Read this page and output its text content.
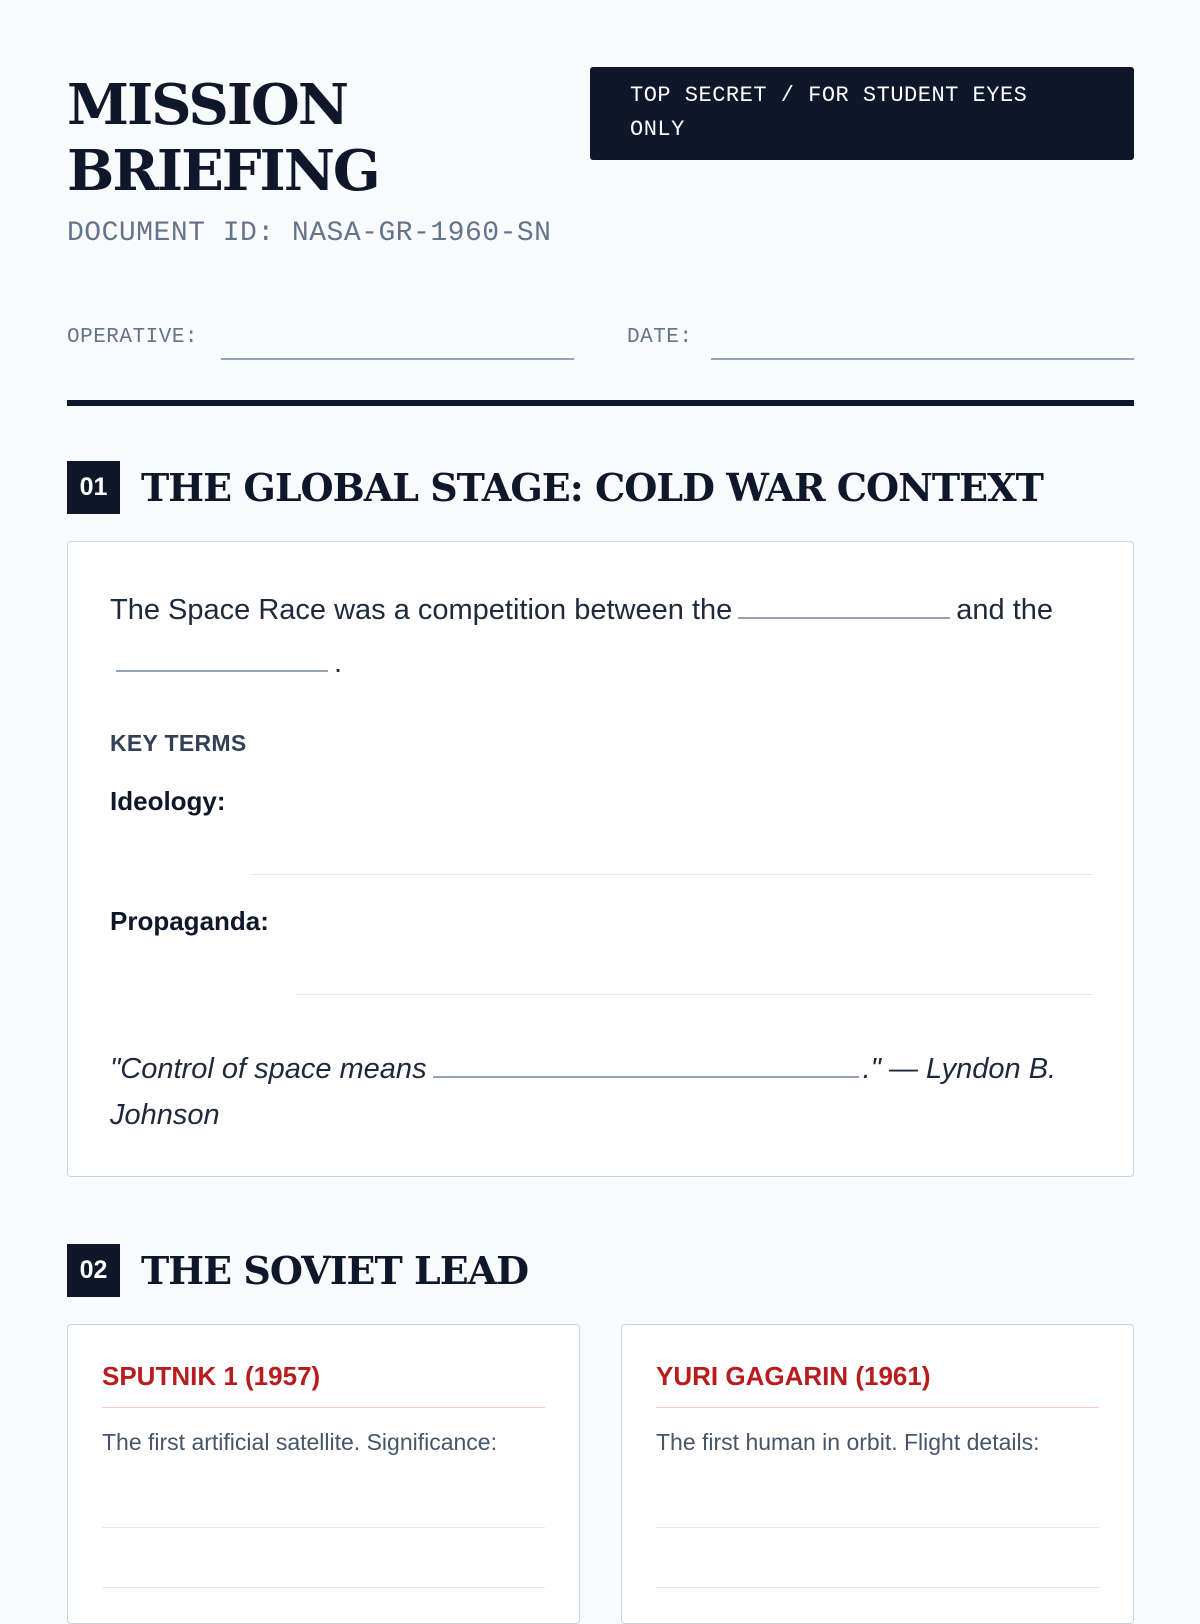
MISSION BRIEFING
DOCUMENT ID: NASA-GR-1960-SN
TOP SECRET / FOR STUDENT EYES ONLY
OPERATIVE:	DATE:
01 THE GLOBAL STAGE: COLD WAR CONTEXT
The Space Race was a competition between the	and the.
KEY TERMS
Ideology:
Propaganda:
"Control of space means	." — Lyndon B. Johnson
02 THE SOVIET LEAD
SPUTNIK 1 (1957)
The first artificial satellite. Significance:
YURI GAGARIN (1961)
The first human in orbit. Flight details:
